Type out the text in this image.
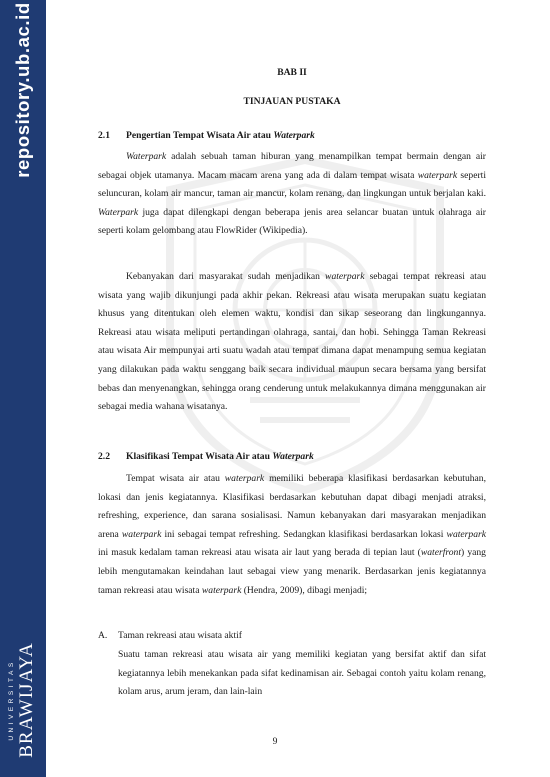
repository.ub.ac.id
UNIVERSITAS BRAWIJAYA
BAB II
TINJAUAN PUSTAKA
2.1 Pengertian Tempat Wisata Air atau Waterpark
Waterpark adalah sebuah taman hiburan yang menampilkan tempat bermain dengan air sebagai objek utamanya. Macam macam arena yang ada di dalam tempat wisata waterpark seperti seluncuran, kolam air mancur, taman air mancur, kolam renang, dan lingkungan untuk berjalan kaki. Waterpark juga dapat dilengkapi dengan beberapa jenis area selancar buatan untuk olahraga air seperti kolam gelombang atau FlowRider (Wikipedia).
Kebanyakan dari masyarakat sudah menjadikan waterpark sebagai tempat rekreasi atau wisata yang wajib dikunjungi pada akhir pekan. Rekreasi atau wisata merupakan suatu kegiatan khusus yang ditentukan oleh elemen waktu, kondisi dan sikap seseorang dan lingkungannya. Rekreasi atau wisata meliputi pertandingan olahraga, santai, dan hobi. Sehingga Taman Rekreasi atau wisata Air mempunyai arti suatu wadah atau tempat dimana dapat menampung semua kegiatan yang dilakukan pada waktu senggang baik secara individual maupun secara bersama yang bersifat bebas dan menyenangkan, sehingga orang cenderung untuk melakukannya dimana menggunakan air sebagai media wahana wisatanya.
2.2 Klasifikasi Tempat Wisata Air atau Waterpark
Tempat wisata air atau waterpark memiliki beberapa klasifikasi berdasarkan kebutuhan, lokasi dan jenis kegiatannya. Klasifikasi berdasarkan kebutuhan dapat dibagi menjadi atraksi, refreshing, experience, dan sarana sosialisasi. Namun kebanyakan dari masyarakan menjadikan arena waterpark ini sebagai tempat refreshing. Sedangkan klasifikasi berdasarkan lokasi waterpark ini masuk kedalam taman rekreasi atau wisata air laut yang berada di tepian laut (waterfront) yang lebih mengutamakan keindahan laut sebagai view yang menarik. Berdasarkan jenis kegiatannya taman rekreasi atau wisata waterpark (Hendra, 2009), dibagi menjadi;
A. Taman rekreasi atau wisata aktif
Suatu taman rekreasi atau wisata air yang memiliki kegiatan yang bersifat aktif dan sifat kegiatannya lebih menekankan pada sifat kedinamisan air. Sebagai contoh yaitu kolam renang, kolam arus, arum jeram, dan lain-lain
9
